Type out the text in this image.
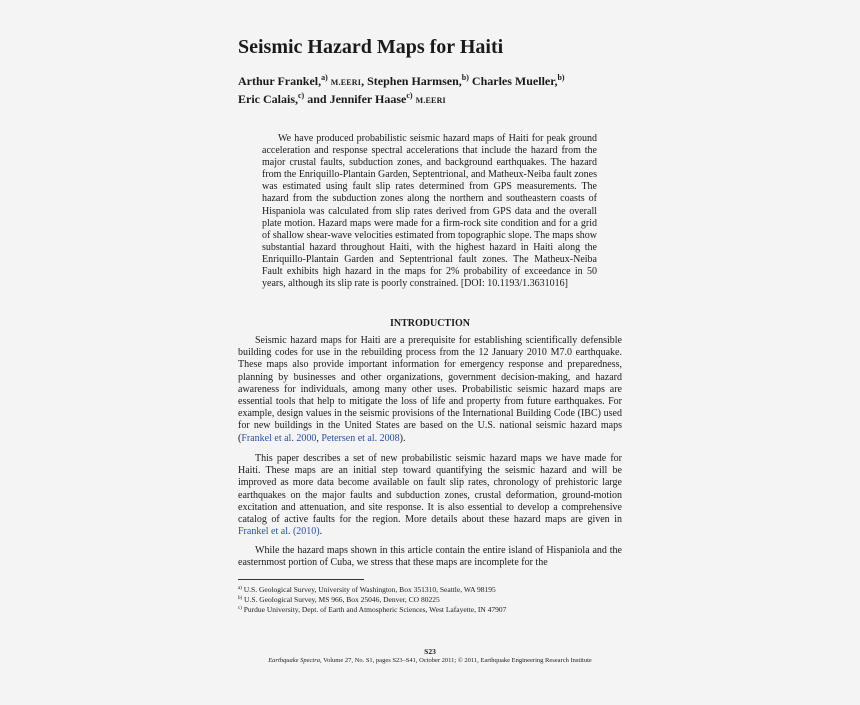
Seismic Hazard Maps for Haiti
Arthur Frankel,$^{a)}$ M.EERI, Stephen Harmsen,$^{b)}$ Charles Mueller,$^{b)}$
Eric Calais,$^{c)}$ and Jennifer Haase$^{c)}$ M.EERI
We have produced probabilistic seismic hazard maps of Haiti for peak ground acceleration and response spectral accelerations that include the hazard from the major crustal faults, subduction zones, and background earthquakes. The hazard from the Enriquillo-Plantain Garden, Septentrional, and Matheux-Neiba fault zones was estimated using fault slip rates determined from GPS measurements. The hazard from the subduction zones along the northern and southeastern coasts of Hispaniola was calculated from slip rates derived from GPS data and the overall plate motion. Hazard maps were made for a firm-rock site condition and for a grid of shallow shear-wave velocities estimated from topographic slope. The maps show substantial hazard throughout Haiti, with the highest hazard in Haiti along the Enriquillo-Plantain Garden and Septentrional fault zones. The Matheux-Neiba Fault exhibits high hazard in the maps for 2% probability of exceedance in 50 years, although its slip rate is poorly constrained. [DOI: 10.1193/1.3631016]
INTRODUCTION
Seismic hazard maps for Haiti are a prerequisite for establishing scientifically defensible building codes for use in the rebuilding process from the 12 January 2010 M7.0 earthquake. These maps also provide important information for emergency response and preparedness, planning by businesses and other organizations, government decision-making, and hazard awareness for individuals, among many other uses. Probabilistic seismic hazard maps are essential tools that help to mitigate the loss of life and property from future earthquakes. For example, design values in the seismic provisions of the International Building Code (IBC) used for new buildings in the United States are based on the U.S. national seismic hazard maps (Frankel et al. 2000, Petersen et al. 2008).
This paper describes a set of new probabilistic seismic hazard maps we have made for Haiti. These maps are an initial step toward quantifying the seismic hazard and will be improved as more data become available on fault slip rates, chronology of prehistoric large earthquakes on the major faults and subduction zones, crustal deformation, ground-motion excitation and attenuation, and site response. It is also essential to develop a comprehensive catalog of active faults for the region. More details about these hazard maps are given in Frankel et al. (2010).
While the hazard maps shown in this article contain the entire island of Hispaniola and the easternmost portion of Cuba, we stress that these maps are incomplete for the
$^{a)}$ U.S. Geological Survey, University of Washington, Box 351310, Seattle, WA 98195
$^{b)}$ U.S. Geological Survey, MS 966, Box 25046, Denver, CO 80225
$^{c)}$ Purdue University, Dept. of Earth and Atmospheric Sciences, West Lafayette, IN 47907
S23
Earthquake Spectra, Volume 27, No. S1, pages S23–S41, October 2011; © 2011, Earthquake Engineering Research Institute
